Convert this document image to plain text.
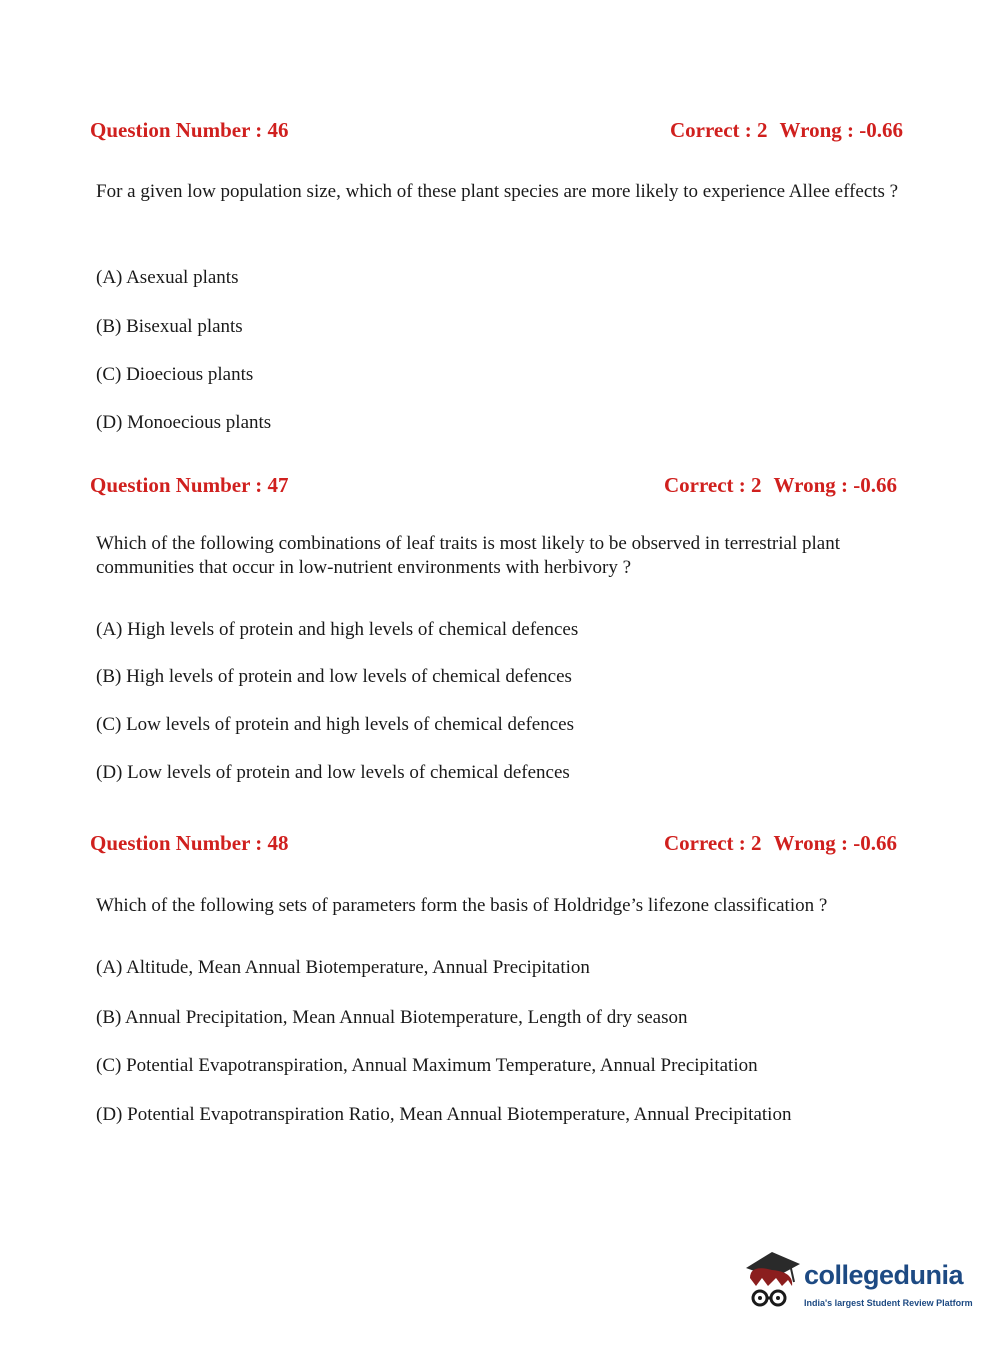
Question Number : 46	Correct : 2 Wrong : -0.66
For a given low population size, which of these plant species are more likely to experience Allee effects ?
(A) Asexual plants
(B) Bisexual plants
(C) Dioecious plants
(D) Monoecious plants
Question Number : 47	Correct : 2 Wrong : -0.66
Which of the following combinations of leaf traits is most likely to be observed in terrestrial plant communities that occur in low-nutrient environments with herbivory ?
(A) High levels of protein and high levels of chemical defences
(B) High levels of protein and low levels of chemical defences
(C) Low levels of protein and high levels of chemical defences
(D) Low levels of protein and low levels of chemical defences
Question Number : 48	Correct : 2 Wrong : -0.66
Which of the following sets of parameters form the basis of Holdridge’s lifezone classification ?
(A) Altitude, Mean Annual Biotemperature, Annual Precipitation
(B) Annual Precipitation, Mean Annual Biotemperature, Length of dry season
(C) Potential Evapotranspiration, Annual Maximum Temperature, Annual Precipitation
(D) Potential Evapotranspiration Ratio, Mean Annual Biotemperature, Annual Precipitation
collegedunia
India's largest Student Review Platform
